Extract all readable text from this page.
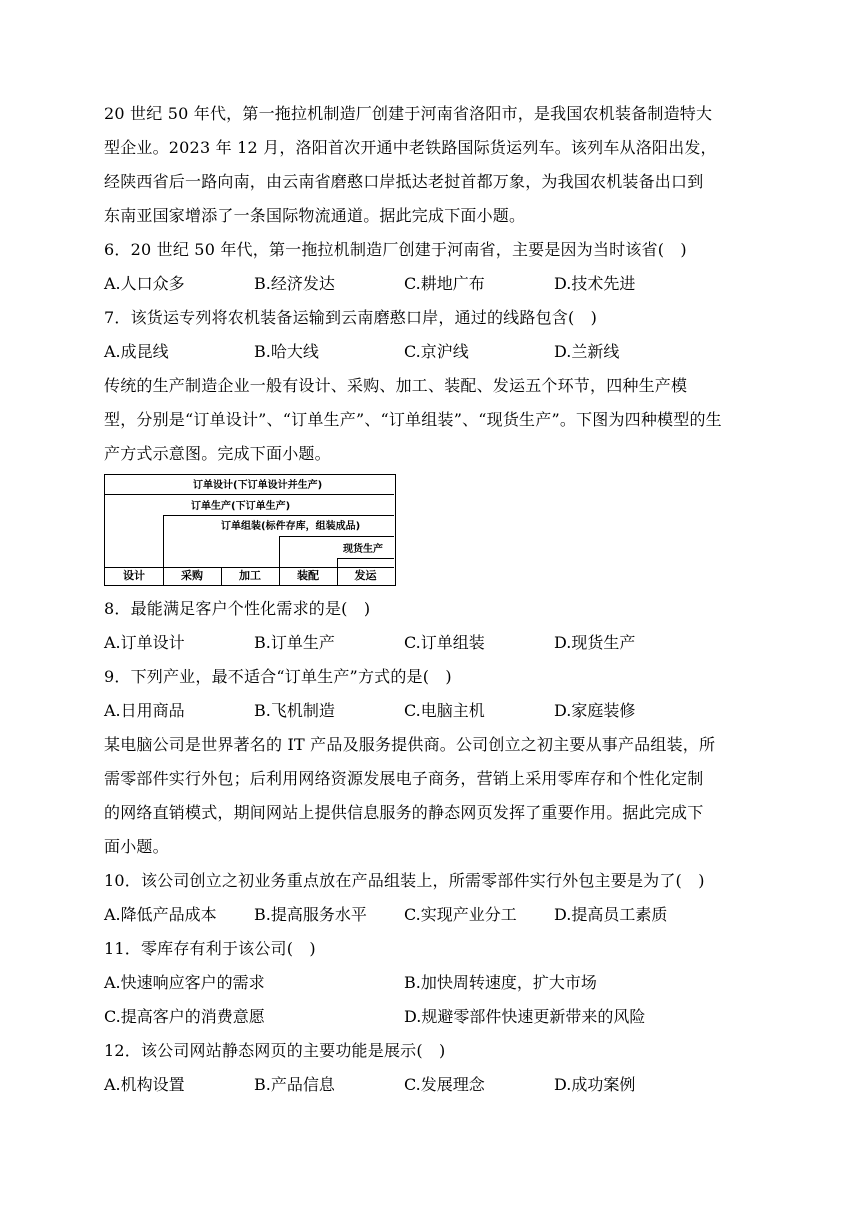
20 世纪 50 年代，第一拖拉机制造厂创建于河南省洛阳市，是我国农机装备制造特大
型企业。2023 年 12 月，洛阳首次开通中老铁路国际货运列车。该列车从洛阳出发，
经陕西省后一路向南，由云南省磨憨口岸抵达老挝首都万象，为我国农机装备出口到
东南亚国家增添了一条国际物流通道。据此完成下面小题。
6．20 世纪 50 年代，第一拖拉机制造厂创建于河南省，主要是因为当时该省(　)
A.人口众多	B.经济发达	C.耕地广布	D.技术先进
7．该货运专列将农机装备运输到云南磨憨口岸，通过的线路包含(　)
A.成昆线	B.哈大线	C.京沪线	D.兰新线
传统的生产制造企业一般有设计、采购、加工、装配、发运五个环节，四种生产模
型，分别是“订单设计”、“订单生产”、“订单组装”、“现货生产”。下图为四种模型的生
产方式示意图。完成下面小题。
订单设计(下订单设计并生产)
订单生产(下订单生产)
订单组装(标件存库，组装成品)
现货生产
设计	采购	加工	装配	发运
8．最能满足客户个性化需求的是(　)
A.订单设计	B.订单生产	C.订单组装	D.现货生产
9．下列产业，最不适合“订单生产”方式的是(　)
A.日用商品	B.飞机制造	C.电脑主机	D.家庭装修
某电脑公司是世界著名的 IT 产品及服务提供商。公司创立之初主要从事产品组装，所
需零部件实行外包；后利用网络资源发展电子商务，营销上采用零库存和个性化定制
的网络直销模式，期间网站上提供信息服务的静态网页发挥了重要作用。据此完成下
面小题。
10．该公司创立之初业务重点放在产品组装上，所需零部件实行外包主要是为了(　)
A.降低产品成本 B.提高服务水平 C.实现产业分工 D.提高员工素质
11．零库存有利于该公司(　)
A.快速响应客户的需求	B.加快周转速度，扩大市场
C.提高客户的消费意愿	D.规避零部件快速更新带来的风险
12．该公司网站静态网页的主要功能是展示(　)
A.机构设置	B.产品信息	C.发展理念	D.成功案例
